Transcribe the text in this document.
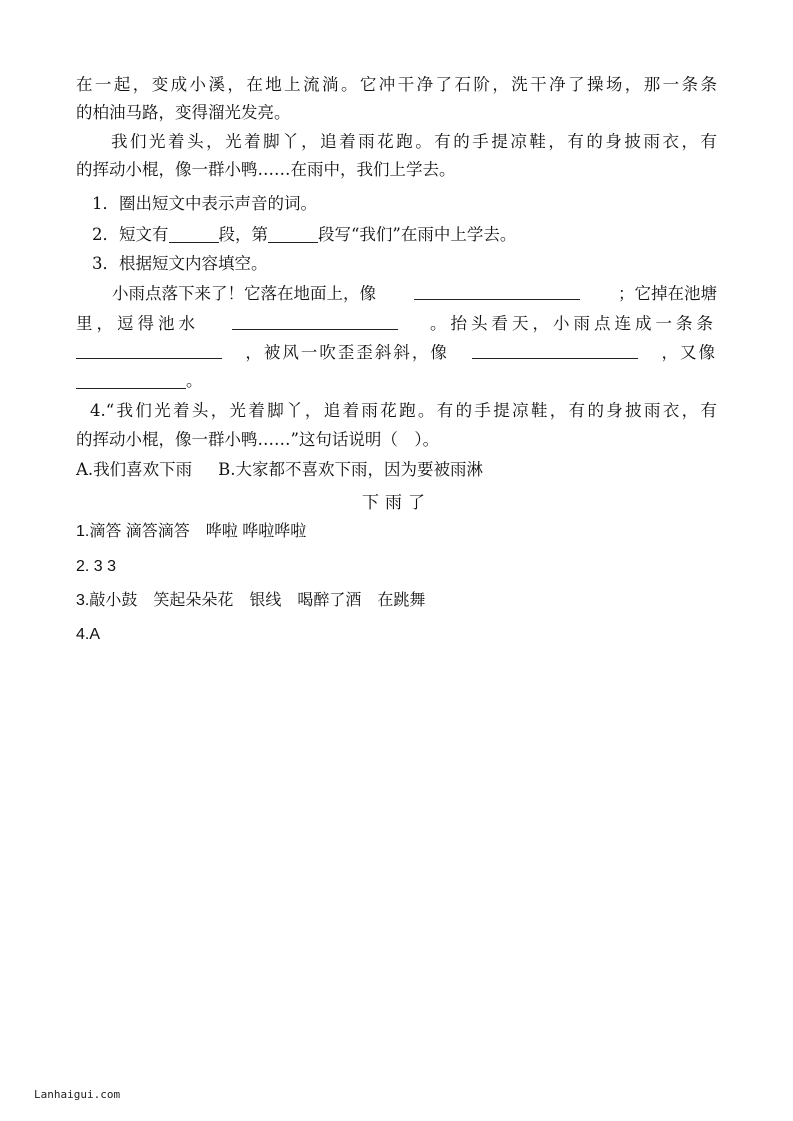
在一起，变成小溪，在地上流淌。它冲干净了石阶，洗干净了操场，那一条条
的柏油马路，变得溜光发亮。
我们光着头，光着脚丫，追着雨花跑。有的手提凉鞋，有的身披雨衣，有
的挥动小棍，像一群小鸭……在雨中，我们上学去。
1．圈出短文中表示声音的词。
2．短文有	段，第	段写“我们”在雨中上学去。
3．根据短文内容填空。
小雨点落下来了！它落在地面上，像	；它掉在池塘
里，逗得池水	。抬头看天，小雨点连成一条条
，被风一吹歪歪斜斜，像	，又像
。
4.“我们光着头，光着脚丫，追着雨花跑。有的手提凉鞋，有的身披雨衣，有
的挥动小棍，像一群小鸭……”这句话说明（　）。
A.我们喜欢下雨 B.大家都不喜欢下雨，因为要被雨淋
下雨了
1.滴答 滴答滴答　哗啦 哗啦哗啦
2. 3 3
3.敲小鼓　笑起朵朵花　银线　喝醉了酒　在跳舞
4.A
Lanhaigui.com
